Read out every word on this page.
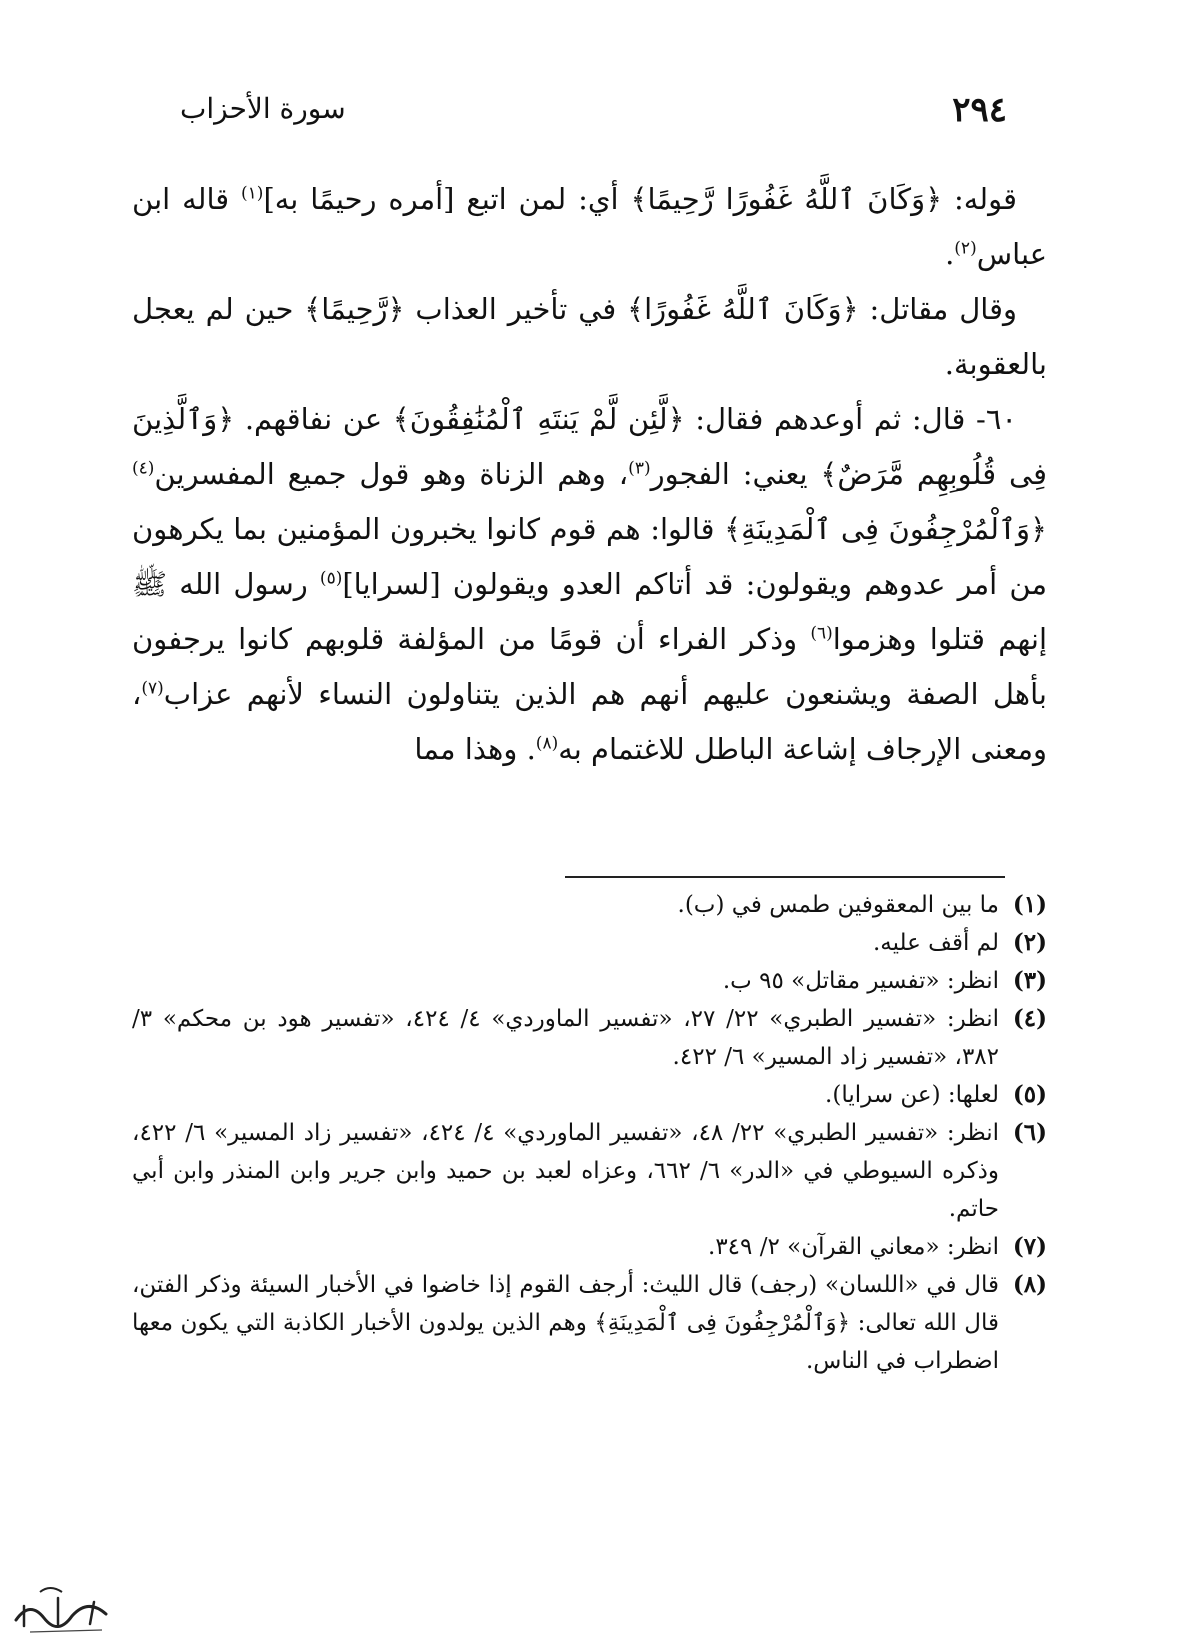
٢٩٤
سورة الأحزاب

قوله: ﴿وَكَانَ ٱللَّهُ غَفُورًا رَّحِيمًا﴾ أي: لمن اتبع [أمره رحيمًا به]$^{(١)}$ قاله ابن عباس$^{(٢)}$.

وقال مقاتل: ﴿وَكَانَ ٱللَّهُ غَفُورًا﴾ في تأخير العذاب ﴿رَّحِيمًا﴾ حين لم يعجل بالعقوبة.

٦٠- قال: ثم أوعدهم فقال: ﴿لَّئِن لَّمْ يَنتَهِ ٱلْمُنَٰفِقُونَ﴾ عن نفاقهم. ﴿وَٱلَّذِينَ فِى قُلُوبِهِم مَّرَضٌ﴾ يعني: الفجور$^{(٣)}$، وهم الزناة وهو قول جميع المفسرين$^{(٤)}$ ﴿وَٱلْمُرْجِفُونَ فِى ٱلْمَدِينَةِ﴾ قالوا: هم قوم كانوا يخبرون المؤمنين بما يكرهون من أمر عدوهم ويقولون: قد أتاكم العدو ويقولون [لسرايا]$^{(٥)}$ رسول الله ﷺ إنهم قتلوا وهزموا$^{(٦)}$ وذكر الفراء أن قومًا من المؤلفة قلوبهم كانوا يرجفون بأهل الصفة ويشنعون عليهم أنهم هم الذين يتناولون النساء لأنهم عزاب$^{(٧)}$، ومعنى الإرجاف إشاعة الباطل للاغتمام به$^{(٨)}$. وهذا مما

(١)
ما بين المعقوفين طمس في (ب).
(٢)
لم أقف عليه.
(٣)
انظر: «تفسير مقاتل» ٩٥ ب.
(٤)
انظر: «تفسير الطبري» ٢٢/ ٢٧، «تفسير الماوردي» ٤/ ٤٢٤، «تفسير هود بن محكم» ٣/ ٣٨٢، «تفسير زاد المسير» ٦/ ٤٢٢.
(٥)
لعلها: (عن سرايا).
(٦)
انظر: «تفسير الطبري» ٢٢/ ٤٨، «تفسير الماوردي» ٤/ ٤٢٤، «تفسير زاد المسير» ٦/ ٤٢٢، وذكره السيوطي في «الدر» ٦/ ٦٦٢، وعزاه لعبد بن حميد وابن جرير وابن المنذر وابن أبي حاتم.
(٧)
انظر: «معاني القرآن» ٢/ ٣٤٩.
(٨)
قال في «اللسان» (رجف) قال الليث: أرجف القوم إذا خاضوا في الأخبار السيئة وذكر الفتن، قال الله تعالى: ﴿وَٱلْمُرْجِفُونَ فِى ٱلْمَدِينَةِ﴾ وهم الذين يولدون الأخبار الكاذبة التي يكون معها اضطراب في الناس.
